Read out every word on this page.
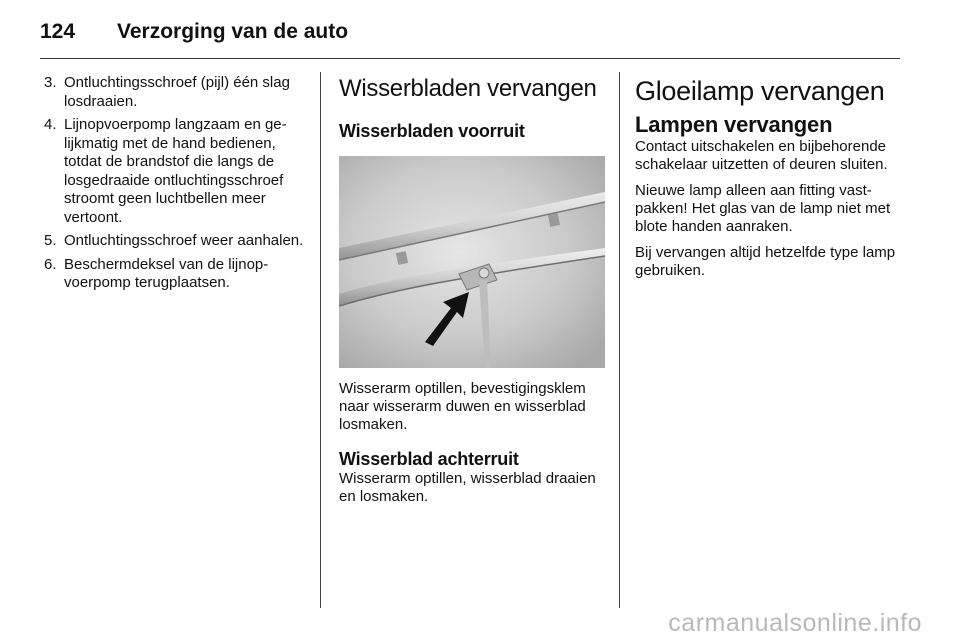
124	Verzorging van de auto
3. Ontluchtingsschroef (pijl) één slag losdraaien.
4. Lijnopvoerpomp langzaam en gelijkmatig met de hand bedienen, totdat de brandstof die langs de losgedraaide ontluchtingsschroef stroomt geen luchtbellen meer vertoont.
5. Ontluchtingsschroef weer aanhalen.
6. Beschermdeksel van de lijnopvoerpomp terugplaatsen.
Wisserbladen vervangen
Wisserbladen voorruit

Wisserarm optillen, bevestigingsklem naar wisserarm duwen en wisserblad losmaken.

Wisserblad achterruit

Wisserarm optillen, wisserblad draaien en losmaken.

Gloeilamp vervangen
Lampen vervangen

Contact uitschakelen en bijbehorende schakelaar uitzetten of deuren sluiten.

Nieuwe lamp alleen aan fitting vastpakken! Het glas van de lamp niet met blote handen aanraken.

Bij vervangen altijd hetzelfde type lamp gebruiken.

carmanualsonline.info
